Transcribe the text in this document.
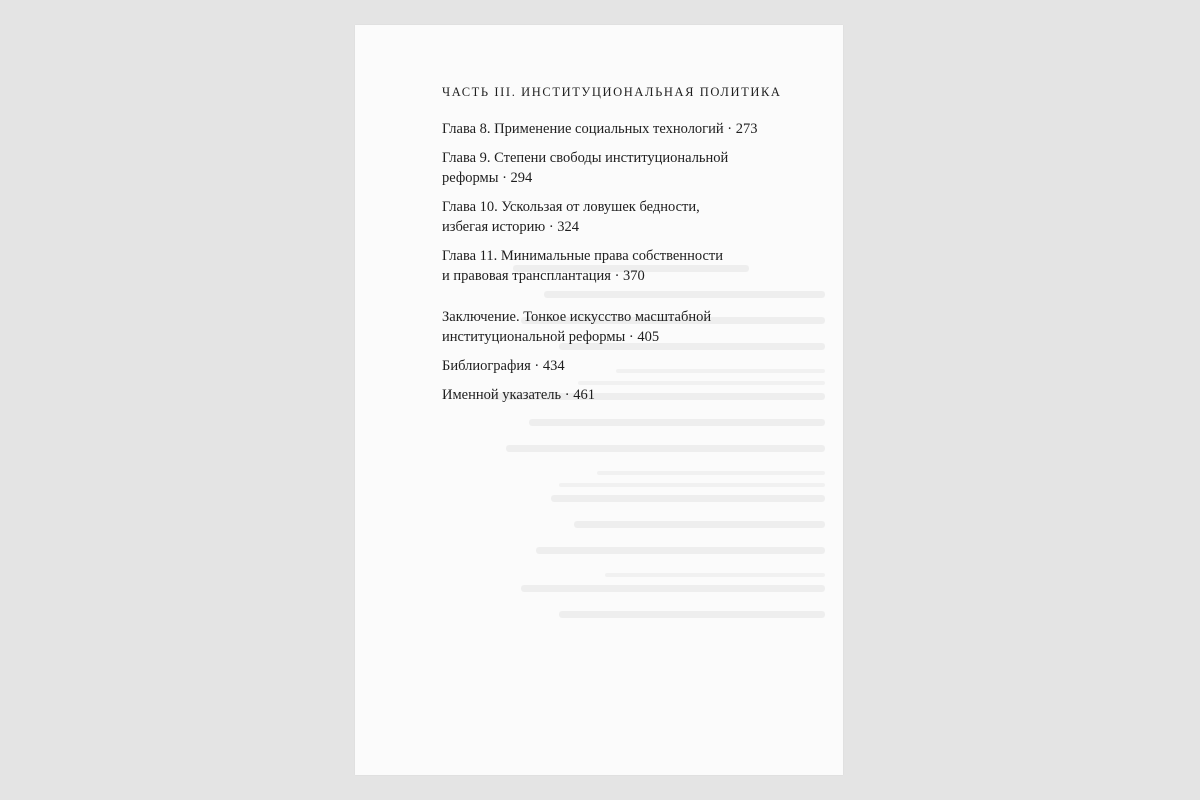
ЧАСТЬ III. ИНСТИТУЦИОНАЛЬНАЯ ПОЛИТИКА
Глава 8. Применение социальных технологий · 273
Глава 9. Степени свободы институциональной
реформы · 294
Глава 10. Ускользая от ловушек бедности,
избегая историю · 324
Глава 11. Минимальные права собственности
и правовая трансплантация · 370
Заключение. Тонкое искусство масштабной
институциональной реформы · 405
Библиография · 434
Именной указатель · 461
